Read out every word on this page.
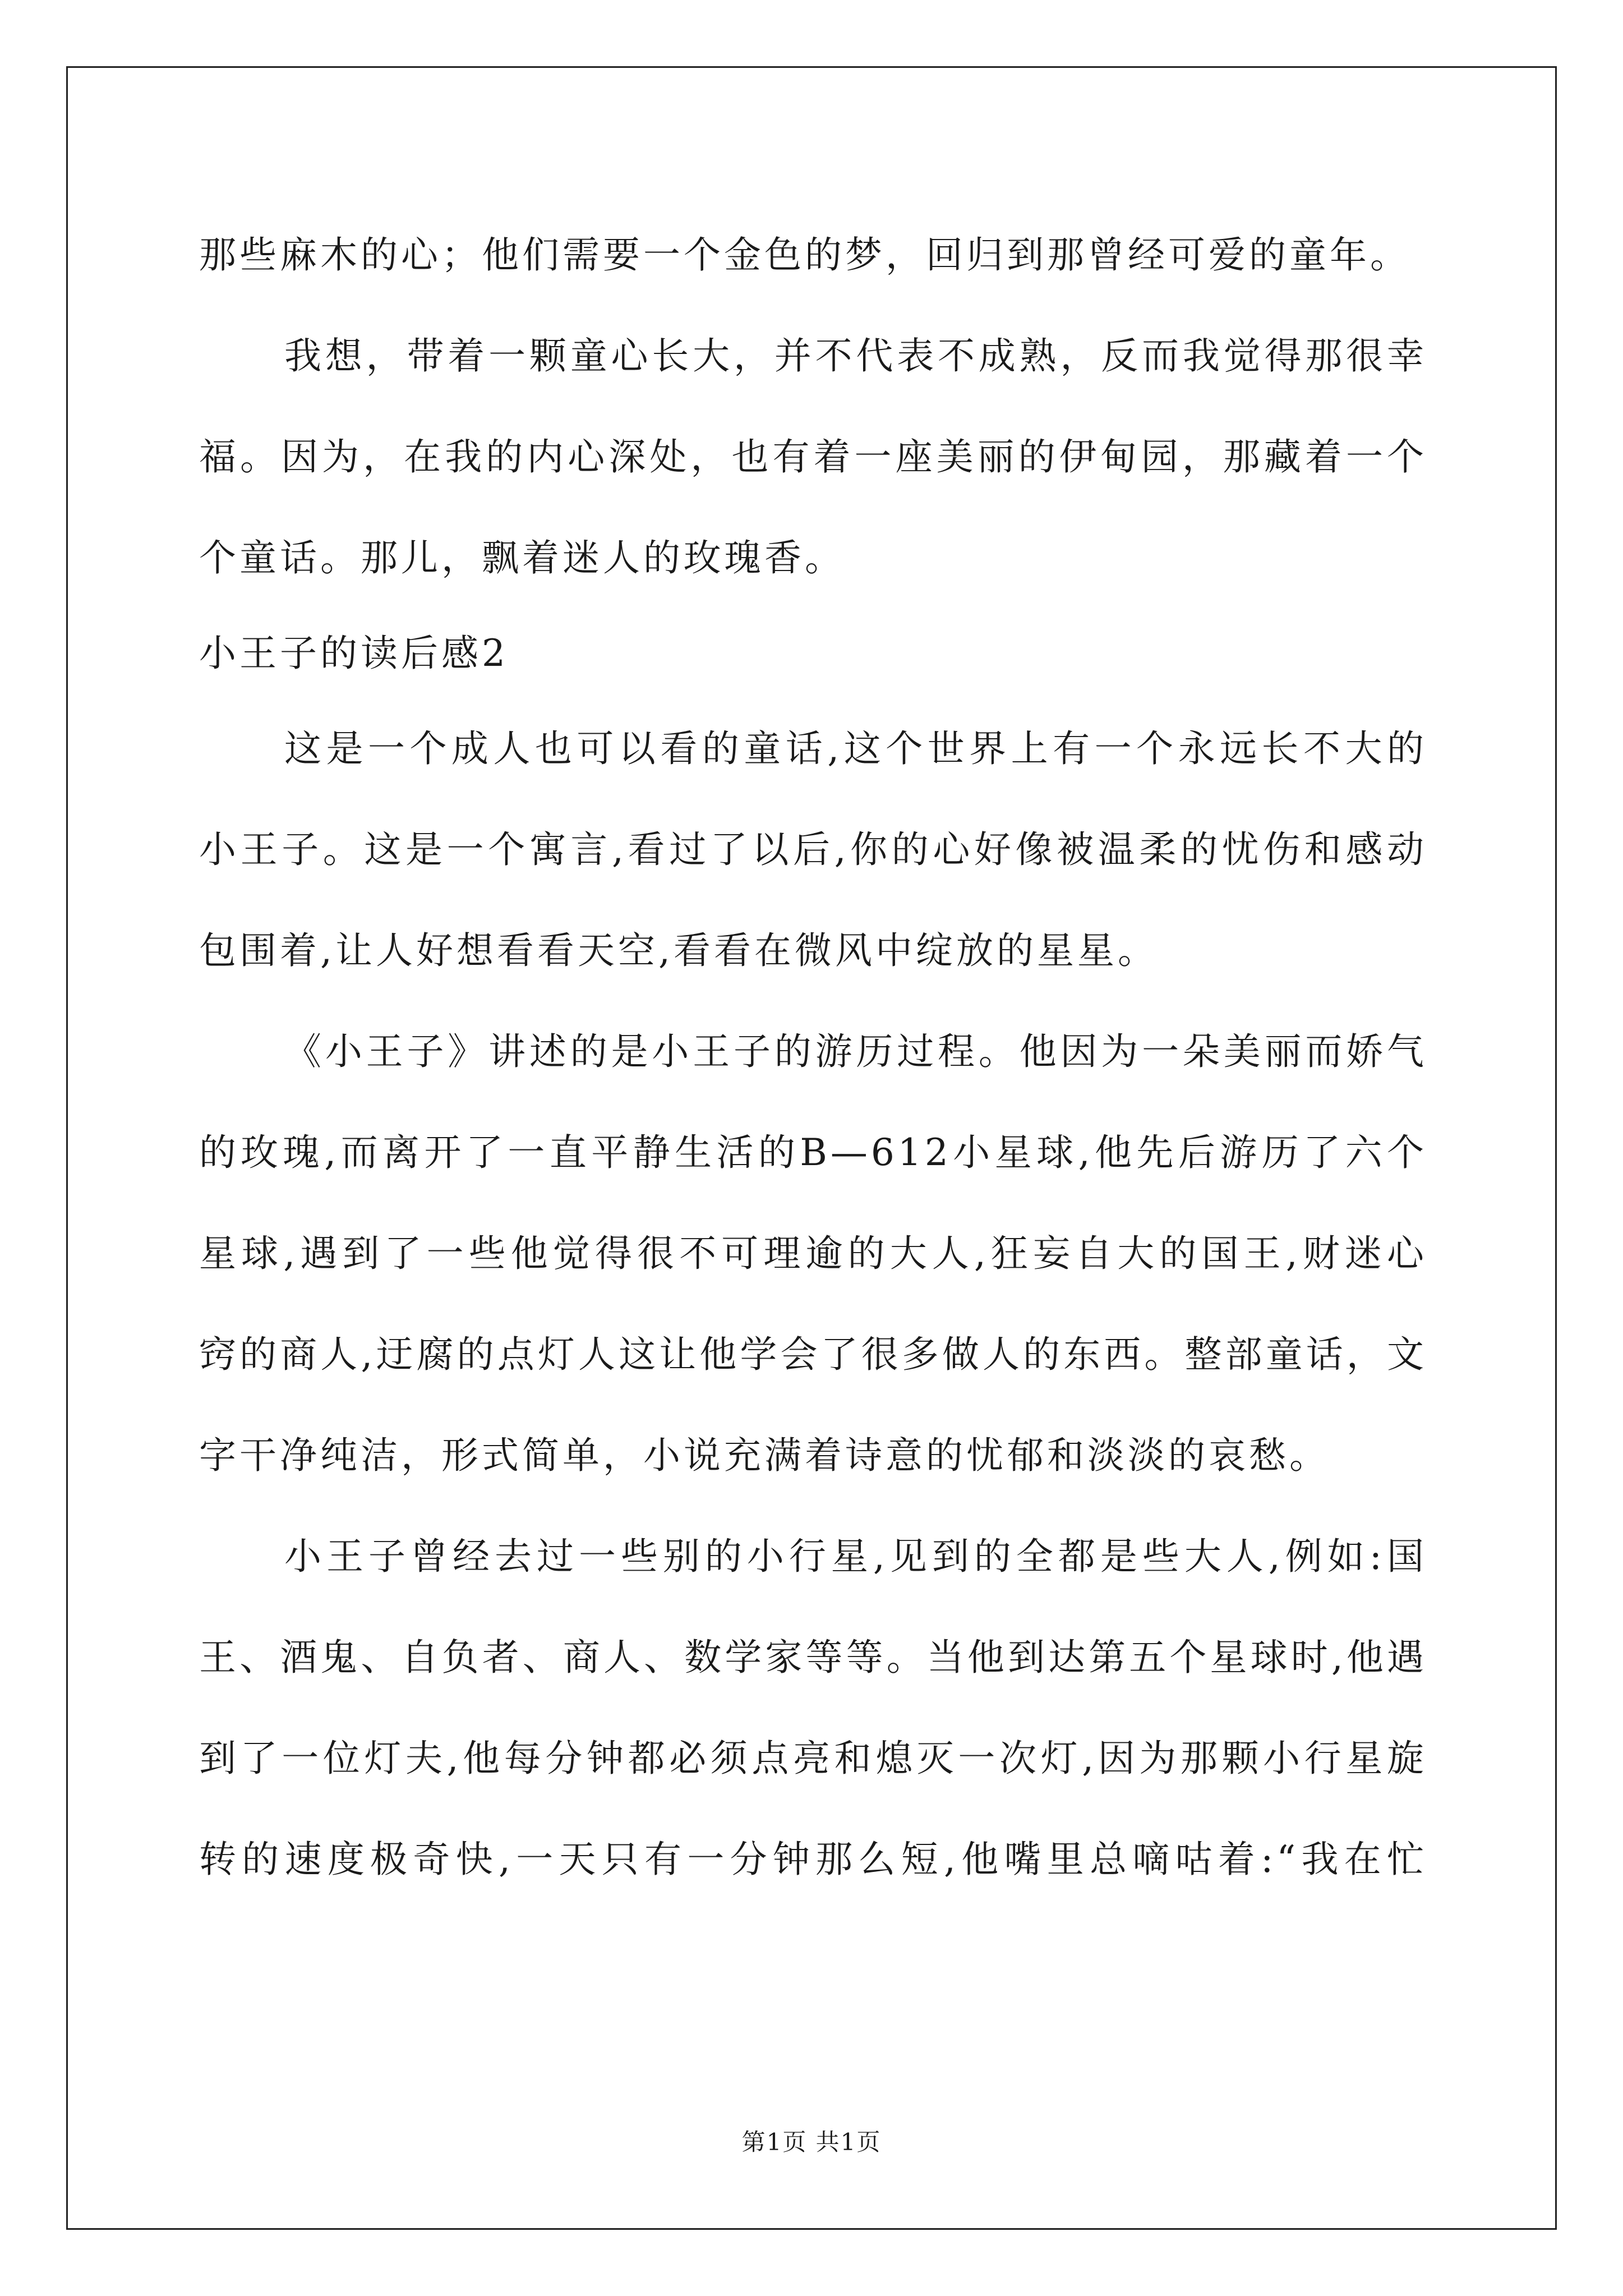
那些麻木的心；他们需要一个金色的梦，回归到那曾经可爱的童年。
我想，带着一颗童心长大，并不代表不成熟，反而我觉得那很幸
福。因为，在我的内心深处，也有着一座美丽的伊甸园，那藏着一个
个童话。那儿，飘着迷人的玫瑰香。
小王子的读后感2
这是一个成人也可以看的童话,这个世界上有一个永远长不大的
小王子。这是一个寓言,看过了以后,你的心好像被温柔的忧伤和感动
包围着,让人好想看看天空,看看在微风中绽放的星星。
《小王子》讲述的是小王子的游历过程。他因为一朵美丽而娇气
的玫瑰,而离开了一直平静生活的B—612小星球,他先后游历了六个
星球,遇到了一些他觉得很不可理逾的大人,狂妄自大的国王,财迷心
窍的商人,迂腐的点灯人这让他学会了很多做人的东西。整部童话，文
字干净纯洁，形式简单，小说充满着诗意的忧郁和淡淡的哀愁。
小王子曾经去过一些别的小行星,见到的全都是些大人,例如:国
王、酒鬼、自负者、商人、数学家等等。当他到达第五个星球时,他遇
到了一位灯夫,他每分钟都必须点亮和熄灭一次灯,因为那颗小行星旋
转的速度极奇快,一天只有一分钟那么短,他嘴里总嘀咕着:“我在忙
第1页 共1页
